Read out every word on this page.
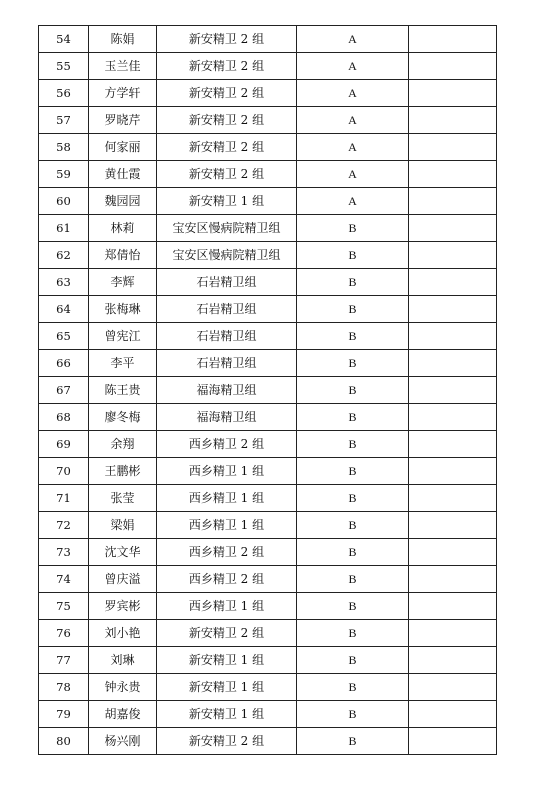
54	陈娟	新安精卫 2 组	A	
55	玉兰佳	新安精卫 2 组	A	
56	方学轩	新安精卫 2 组	A	
57	罗晓芹	新安精卫 2 组	A	
58	何家丽	新安精卫 2 组	A	
59	黄仕霞	新安精卫 2 组	A	
60	魏园园	新安精卫 1 组	A	
61	林莉	宝安区慢病院精卫组	B	
62	郑倩怡	宝安区慢病院精卫组	B	
63	李辉	石岩精卫组	B	
64	张梅琳	石岩精卫组	B	
65	曾宪江	石岩精卫组	B	
66	李平	石岩精卫组	B	
67	陈王贵	福海精卫组	B	
68	廖冬梅	福海精卫组	B	
69	余翔	西乡精卫 2 组	B	
70	王鹏彬	西乡精卫 1 组	B	
71	张莹	西乡精卫 1 组	B	
72	梁娟	西乡精卫 1 组	B	
73	沈文华	西乡精卫 2 组	B	
74	曾庆溢	西乡精卫 2 组	B	
75	罗宾彬	西乡精卫 1 组	B	
76	刘小艳	新安精卫 2 组	B	
77	刘琳	新安精卫 1 组	B	
78	钟永贵	新安精卫 1 组	B	
79	胡嘉俊	新安精卫 1 组	B	
80	杨兴刚	新安精卫 2 组	B	
